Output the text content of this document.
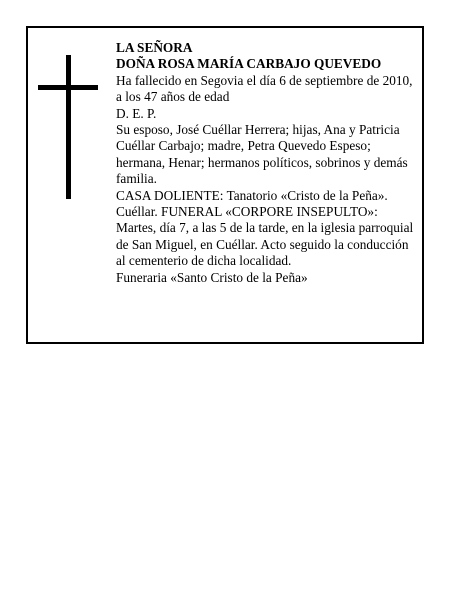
LA SEÑORA

DOÑA ROSA MARÍA CARBAJO QUEVEDO

Ha fallecido en Segovia el día 6 de septiembre de 2010, a los 47 años de edad

D. E. P.

Su esposo, José Cuéllar Herrera; hijas, Ana y Patricia Cuéllar Carbajo; madre, Petra Quevedo Espeso; hermana, Henar; hermanos políticos, sobrinos y demás familia.

CASA DOLIENTE: Tanatorio «Cristo de la Peña». Cuéllar. FUNERAL «CORPORE INSEPULTO»: Martes, día 7, a las 5 de la tarde, en la iglesia parroquial de San Miguel, en Cuéllar. Acto seguido la conducción al cementerio de dicha localidad.

Funeraria «Santo Cristo de la Peña»
